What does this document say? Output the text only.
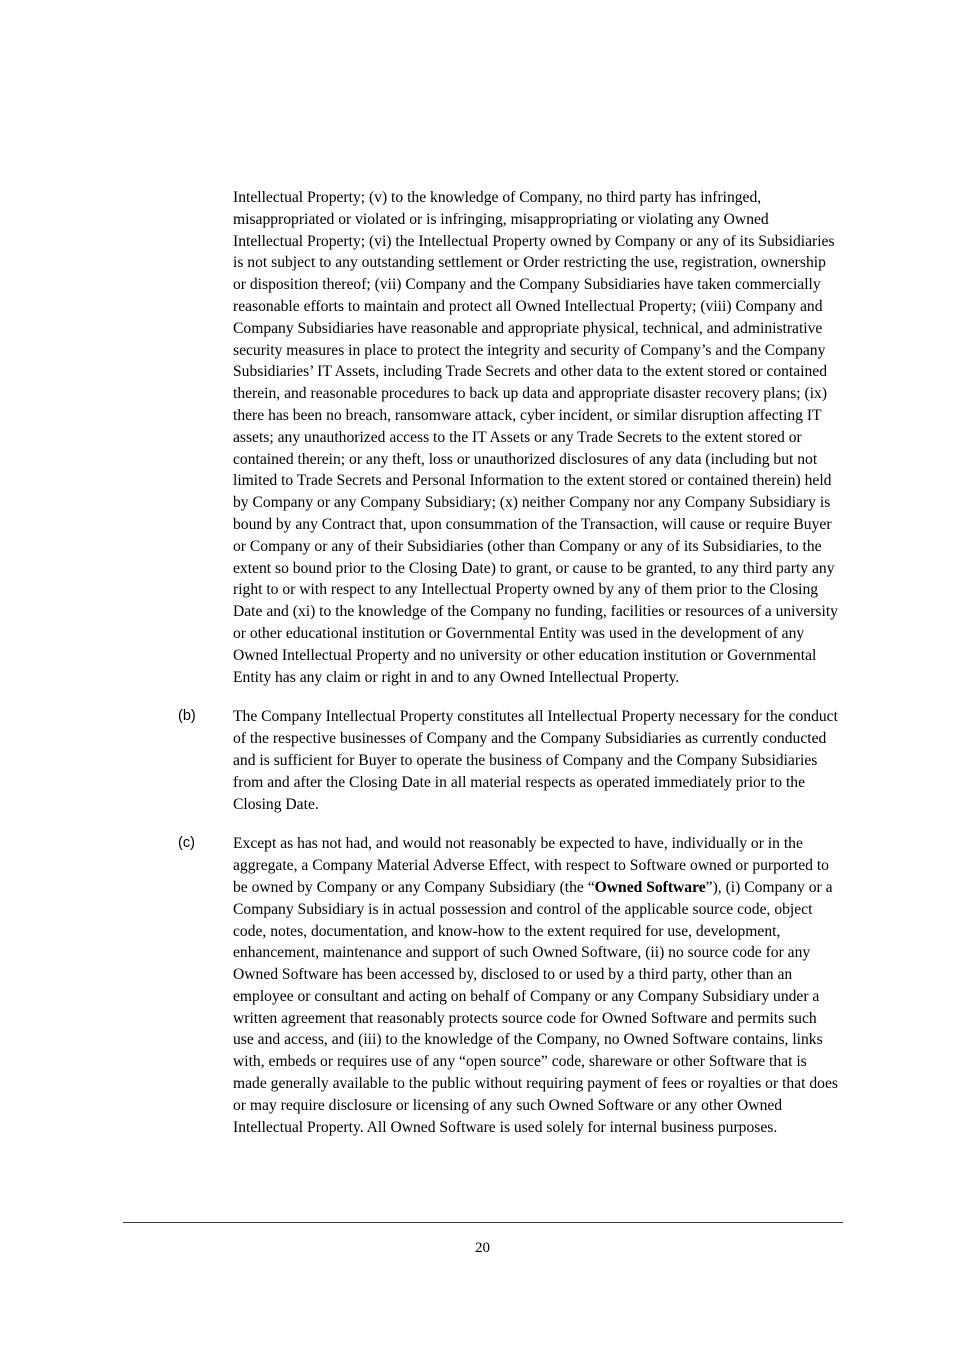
Intellectual Property; (v) to the knowledge of Company, no third party has infringed, misappropriated or violated or is infringing, misappropriating or violating any Owned Intellectual Property; (vi) the Intellectual Property owned by Company or any of its Subsidiaries is not subject to any outstanding settlement or Order restricting the use, registration, ownership or disposition thereof; (vii) Company and the Company Subsidiaries have taken commercially reasonable efforts to maintain and protect all Owned Intellectual Property; (viii) Company and Company Subsidiaries have reasonable and appropriate physical, technical, and administrative security measures in place to protect the integrity and security of Company’s and the Company Subsidiaries’ IT Assets, including Trade Secrets and other data to the extent stored or contained therein, and reasonable procedures to back up data and appropriate disaster recovery plans; (ix) there has been no breach, ransomware attack, cyber incident, or similar disruption affecting IT assets; any unauthorized access to the IT Assets or any Trade Secrets to the extent stored or contained therein; or any theft, loss or unauthorized disclosures of any data (including but not limited to Trade Secrets and Personal Information to the extent stored or contained therein) held by Company or any Company Subsidiary; (x) neither Company nor any Company Subsidiary is bound by any Contract that, upon consummation of the Transaction, will cause or require Buyer or Company or any of their Subsidiaries (other than Company or any of its Subsidiaries, to the extent so bound prior to the Closing Date) to grant, or cause to be granted, to any third party any right to or with respect to any Intellectual Property owned by any of them prior to the Closing Date and (xi) to the knowledge of the Company no funding, facilities or resources of a university or other educational institution or Governmental Entity was used in the development of any Owned Intellectual Property and no university or other education institution or Governmental Entity has any claim or right in and to any Owned Intellectual Property.
(b)	The Company Intellectual Property constitutes all Intellectual Property necessary for the conduct of the respective businesses of Company and the Company Subsidiaries as currently conducted and is sufficient for Buyer to operate the business of Company and the Company Subsidiaries from and after the Closing Date in all material respects as operated immediately prior to the Closing Date.
(c)	Except as has not had, and would not reasonably be expected to have, individually or in the aggregate, a Company Material Adverse Effect, with respect to Software owned or purported to be owned by Company or any Company Subsidiary (the “Owned Software”), (i) Company or a Company Subsidiary is in actual possession and control of the applicable source code, object code, notes, documentation, and know-how to the extent required for use, development, enhancement, maintenance and support of such Owned Software, (ii) no source code for any Owned Software has been accessed by, disclosed to or used by a third party, other than an employee or consultant and acting on behalf of Company or any Company Subsidiary under a written agreement that reasonably protects source code for Owned Software and permits such use and access, and (iii) to the knowledge of the Company, no Owned Software contains, links with, embeds or requires use of any “open source” code, shareware or other Software that is made generally available to the public without requiring payment of fees or royalties or that does or may require disclosure or licensing of any such Owned Software or any other Owned Intellectual Property. All Owned Software is used solely for internal business purposes.
20
